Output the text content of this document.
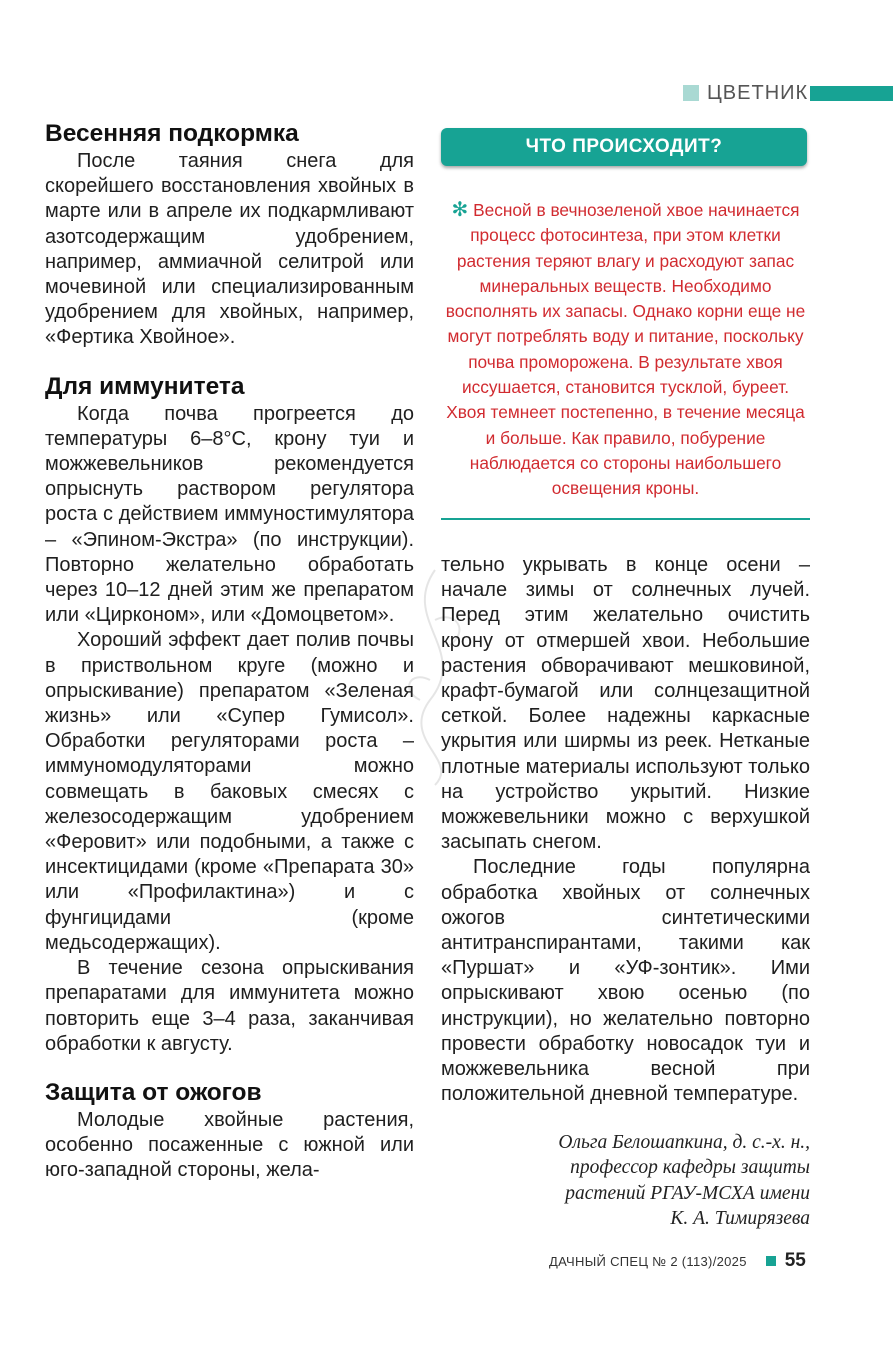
ЦВЕТНИК
Весенняя подкормка

После таяния снега для скорейшего восстановления хвойных в марте или в апреле их подкармливают азотсодержащим удобрением, например, аммиачной селитрой или мочевиной или специализированным удобрением для хвойных, например, «Фертика Хвойное».

Для иммунитета

Когда почва прогреется до температуры 6–8°C, крону туи и можжевельников рекомендуется опрыснуть раствором регулятора роста с действием иммуностимулятора – «Эпином-Экстра» (по инструкции). Повторно желательно обработать через 10–12 дней этим же препаратом или «Цирконом», или «Домоцветом».

Хороший эффект дает полив почвы в приствольном круге (можно и опрыскивание) препаратом «Зеленая жизнь» или «Супер Гумисол». Обработки регуляторами роста – иммуномодуляторами можно совмещать в баковых смесях с железосодержащим удобрением «Феровит» или подобными, а также с инсектицидами (кроме «Препарата 30» или «Профилактина») и с фунгицидами (кроме медьсодержащих).

В течение сезона опрыскивания препаратами для иммунитета можно повторить еще 3–4 раза, заканчивая обработки к августу.

Защита от ожогов

Молодые хвойные растения, особенно посаженные с южной или юго-западной стороны, жела-

ЧТО ПРОИСХОДИТ?
✻ Весной в вечнозеленой хвое начинается процесс фотосинтеза, при этом клетки растения теряют влагу и расходуют запас минеральных веществ. Необходимо восполнять их запасы. Однако корни еще не могут потреблять воду и питание, поскольку почва проморожена. В результате хвоя иссушается, становится тусклой, буреет. Хвоя темнеет постепенно, в течение месяца и больше. Как правило, побурение наблюдается со стороны наибольшего освещения кроны.

тельно укрывать в конце осени – начале зимы от солнечных лучей. Перед этим желательно очистить крону от отмершей хвои. Небольшие растения обворачивают мешковиной, крафт-бумагой или солнцезащитной сеткой. Более надежны каркасные укрытия или ширмы из реек. Нетканые плотные материалы используют только на устройство укрытий. Низкие можжевельники можно с верхушкой засыпать снегом.

Последние годы популярна обработка хвойных от солнечных ожогов синтетическими антитранспирантами, такими как «Пуршат» и «УФ-зонтик». Ими опрыскивают хвою осенью (по инструкции), но желательно повторно провести обработку новосадок туи и можжевельника весной при положительной дневной температуре.

Ольга Белошапкина, д. с.-х. н.,
профессор кафедры защиты
растений РГАУ-МСХА имени
К. А. Тимирязева
ДАЧНЫЙ СПЕЦ № 2 (113)/2025 55
